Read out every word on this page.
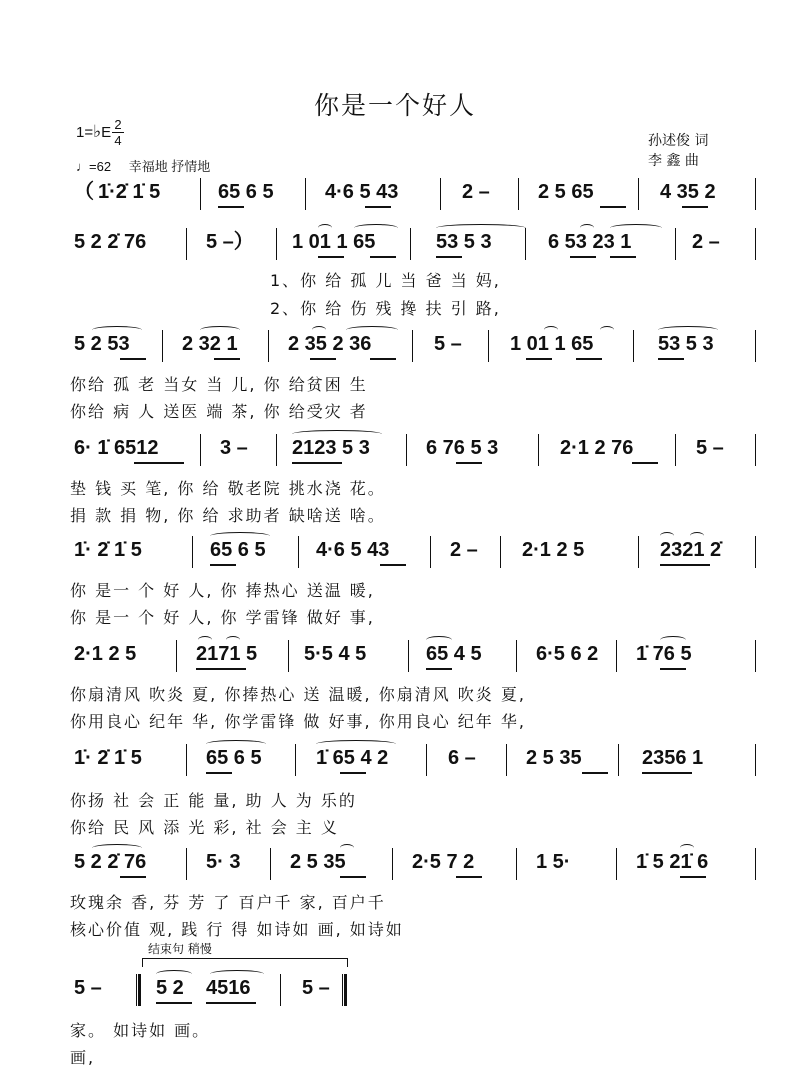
你是一个好人
1=♭E 2
4
♩=62 幸福地 抒情地
孙述俊 词
李 鑫 曲
（ 1̇·2̇ 1̇ 5	65 6 5	4·6 5 43	2 – 2 5 65	4 35 2
5 2 2̇ 76	5 –） 1 01 1 65	53 5 3	6 53 23 1	2 –
1、你 给 孤 儿 当 爸 当 妈,
2、你 给 伤 残 搀 扶 引 路,
5 2 53	2 32 1	2 35 2 36	5 – 1 01 1 65	53 5 3
你给 孤 老 当女 当 儿, 你 给贫困 生
你给 病 人 送医 端 茶, 你 给受灾 者
6· 1̇ 6512	3 – 2123 5 3	6 76 5 3	2·1 2 76	5 –
垫 钱 买 笔, 你 给 敬老院 挑水浇 花。
捐 款 捐 物, 你 给 求助者 缺啥送 啥。
1̇· 2̇ 1̇ 5	65 6 5	4·6 5 43	2 – 2·1 2 5	2321 2̇
你 是一 个 好 人, 你 捧热心 送温 暖,
你 是一 个 好 人, 你 学雷锋 做好 事,
2·1 2 5	2171 5 5·5 4 5	65 4 5	6·5 6 2 1̇ 76 5
你扇清风 吹炎 夏, 你捧热心 送 温暖, 你扇清风 吹炎 夏,
你用良心 纪年 华, 你学雷锋 做 好事, 你用良心 纪年 华,
1̇· 2̇ 1̇ 5	65 6 5	1̇ 65 4 2	6 –	2 5 35	2356 1
你扬 社 会 正 能 量, 助 人 为 乐的
你给 民 风 添 光 彩, 社 会 主 义
5 2 2̇ 76	5· 3 2 5 35	2·5 7 2	1 5·	1̇ 5 21̇ 6
玫瑰余 香, 芬 芳 了 百户千 家, 百户千
核心价值 观, 践 行 得 如诗如 画, 如诗如
结束句 稍慢
5 –	5 2 4516	5 –
家。 如诗如 画。
画,
